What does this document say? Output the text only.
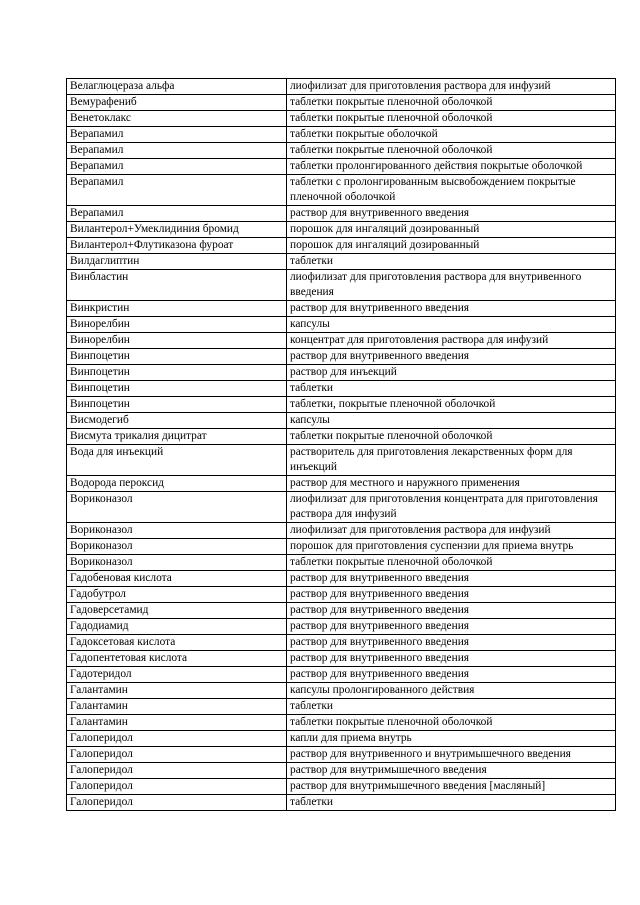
Велаглюцераза альфа	лиофилизат для приготовления раствора для инфузий
Вемурафениб	таблетки покрытые пленочной оболочкой
Венетоклакс	таблетки покрытые пленочной оболочкой
Верапамил	таблетки покрытые оболочкой
Верапамил	таблетки покрытые пленочной оболочкой
Верапамил	таблетки пролонгированного действия покрытые оболочкой
Верапамил	таблетки с пролонгированным высвобождением покрытые пленочной оболочкой
Верапамил	раствор для внутривенного введения
Вилантерол+Умеклидиния бромид	порошок для ингаляций дозированный
Вилантерол+Флутиказона фуроат	порошок для ингаляций дозированный
Вилдаглиптин	таблетки
Винбластин	лиофилизат для приготовления раствора для внутривенного введения
Винкристин	раствор для внутривенного введения
Винорелбин	капсулы
Винорелбин	концентрат для приготовления раствора для инфузий
Винпоцетин	раствор для внутривенного введения
Винпоцетин	раствор для инъекций
Винпоцетин	таблетки
Винпоцетин	таблетки, покрытые пленочной оболочкой
Висмодегиб	капсулы
Висмута трикалия дицитрат	таблетки покрытые пленочной оболочкой
Вода для инъекций	растворитель для приготовления лекарственных форм для инъекций
Водорода пероксид	раствор для местного и наружного применения
Вориконазол	лиофилизат для приготовления концентрата для приготовления раствора для инфузий
Вориконазол	лиофилизат для приготовления раствора для инфузий
Вориконазол	порошок для приготовления суспензии для приема внутрь
Вориконазол	таблетки покрытые пленочной оболочкой
Гадобеновая кислота	раствор для внутривенного введения
Гадобутрол	раствор для внутривенного введения
Гадоверсетамид	раствор для внутривенного введения
Гадодиамид	раствор для внутривенного введения
Гадоксетовая кислота	раствор для внутривенного введения
Гадопентетовая кислота	раствор для внутривенного введения
Гадотеридол	раствор для внутривенного введения
Галантамин	капсулы пролонгированного действия
Галантамин	таблетки
Галантамин	таблетки покрытые пленочной оболочкой
Галоперидол	капли для приема внутрь
Галоперидол	раствор для внутривенного и внутримышечного введения
Галоперидол	раствор для внутримышечного введения
Галоперидол	раствор для внутримышечного введения [масляный]
Галоперидол	таблетки
